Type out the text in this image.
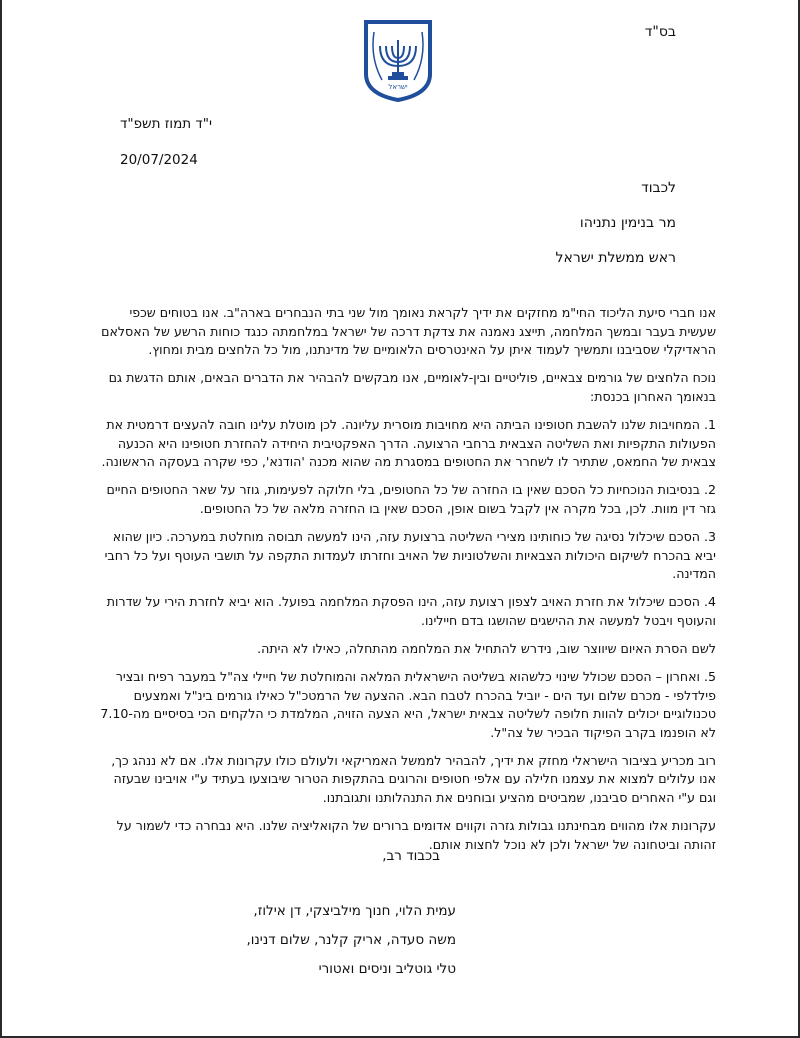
בס"ד
ישראל
י"ד תמוז תשפ"ד
20/07/2024
לכבוד
מר בנימין נתניהו
ראש ממשלת ישראל

אנו חברי סיעת הליכוד החי"מ מחזקים את ידיך לקראת נאומך מול שני בתי הנבחרים בארה"ב. אנו בטוחים שכפי שעשית בעבר ובמשך המלחמה, תייצג נאמנה את צדקת דרכה של ישראל במלחמתה כנגד כוחות הרשע של האסלאם הראדיקלי שסביבנו ותמשיך לעמוד איתן על האינטרסים הלאומיים של מדינתנו, מול כל הלחצים מבית ומחוץ.

נוכח הלחצים של גורמים צבאיים, פוליטיים ובין-לאומיים, אנו מבקשים להבהיר את הדברים הבאים, אותם הדגשת גם בנאומך האחרון בכנסת:

1. המחויבות שלנו להשבת חטופינו הביתה היא מחויבות מוסרית עליונה. לכן מוטלת עלינו חובה להעצים דרמטית את הפעולות התקפיות ואת השליטה הצבאית ברחבי הרצועה. הדרך האפקטיבית היחידה להחזרת חטופינו היא הכנעה צבאית של החמאס, שתתיר לו לשחרר את החטופים במסגרת מה שהוא מכנה 'הודנא', כפי שקרה בעסקה הראשונה.

2. בנסיבות הנוכחיות כל הסכם שאין בו החזרה של כל החטופים, בלי חלוקה לפעימות, גוזר על שאר החטופים החיים גזר דין מוות. לכן, בכל מקרה אין לקבל בשום אופן, הסכם שאין בו החזרה מלאה של כל החטופים.

3. הסכם שיכלול נסיגה של כוחותינו מצירי השליטה ברצועת עזה, הינו למעשה תבוסה מוחלטת במערכה. כיון שהוא יביא בהכרח לשיקום היכולות הצבאיות והשלטוניות של האויב וחזרתו לעמדות התקפה על תושבי העוטף ועל כל רחבי המדינה.

4. הסכם שיכלול את חזרת האויב לצפון רצועת עזה, הינו הפסקת המלחמה בפועל. הוא יביא לחזרת הירי על שדרות והעוטף ויבטל למעשה את ההישגים שהושגו בדם חיילינו.

לשם הסרת האיום שיווצר שוב, נידרש להתחיל את המלחמה מהתחלה, כאילו לא היתה.

5. ואחרון – הסכם שכולל שינוי כלשהוא בשליטה הישראלית המלאה והמוחלטת של חיילי צה"ל במעבר רפיח ובציר פילדלפי - מכרם שלום ועד הים - יוביל בהכרח לטבח הבא. ההצעה של הרמטכ"ל כאילו גורמים בינ"ל ואמצעים טכנולוגיים יכולים להוות חלופה לשליטה צבאית ישראל, היא הצעה הזויה, המלמדת כי הלקחים הכי בסיסיים מה-7.10 לא הופנמו בקרב הפיקוד הבכיר של צה"ל.

רוב מכריע בציבור הישראלי מחזק את ידיך, להבהיר לממשל האמריקאי ולעולם כולו עקרונות אלו. אם לא ננהג כך, אנו עלולים למצוא את עצמנו חלילה עם אלפי חטופים והרוגים בהתקפות הטרור שיבוצעו בעתיד ע"י אויבינו שבעזה וגם ע"י האחרים סביבנו, שמביטים מהציע ובוחנים את התנהלותנו ותגובתנו.

עקרונות אלו מהווים מבחינתנו גבולות גזרה וקווים אדומים ברורים של הקואליציה שלנו. היא נבחרה כדי לשמור על זהותה וביטחונה של ישראל ולכן לא נוכל לחצות אותם.

בכבוד רב,
עמית הלוי, חנוך מילביצקי, דן אילוז,
משה סעדה, אריק קלנר, שלום דנינו,
טלי גוטליב וניסים ואטורי
